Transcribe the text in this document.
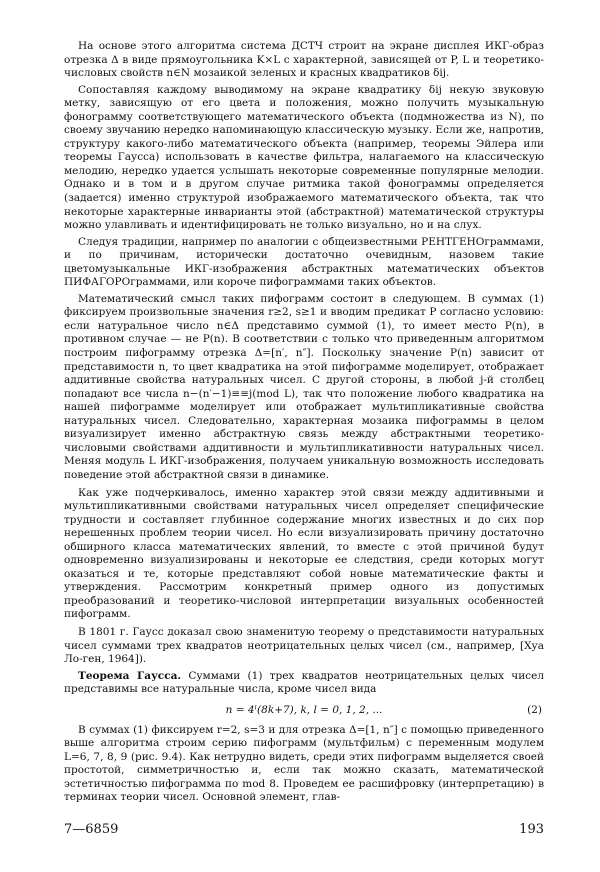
На основе этого алгоритма система ДСТЧ строит на экране дисплея ИКГ-образ отрезка Δ в виде прямоугольника K×L с характерной, зависящей от P, L и теоретико-числовых свойств n∈N мозаикой зеленых и красных квадратиков δij.

Сопоставляя каждому выводимому на экране квадратику δij некую звуковую метку, зависящую от его цвета и положения, можно получить музыкальную фонограмму соответствующего математического объекта (подмножества из N), по своему звучанию нередко напоминающую классическую музыку. Если же, напротив, структуру какого-либо математического объекта (например, теоремы Эйлера или теоремы Гаусса) использовать в качестве фильтра, налагаемого на классическую мелодию, нередко удается услышать некоторые современные популярные мелодии. Однако и в том и в другом случае ритмика такой фонограммы определяется (задается) именно структурой изображаемого математического объекта, так что некоторые характерные инварианты этой (абстрактной) математической структуры можно улавливать и идентифицировать не только визуально, но и на слух.

Следуя традиции, например по аналогии с общеизвестными РЕНТГЕНОграммами, и по причинам, исторически достаточно очевидным, назовем такие цветомузыкальные ИКГ-изображения абстрактных математических объектов ПИФАГОРОграммами, или короче пифограммами таких объектов.

Математический смысл таких пифограмм состоит в следующем. В суммах (1) фиксируем произвольные значения r≥2, s≥1 и вводим предикат P согласно условию: если натуральное число n∈Δ представимо суммой (1), то имеет место P(n), в противном случае — не P(n). В соответствии с только что приведенным алгоритмом построим пифограмму отрезка Δ=[n′, n″]. Поскольку значение P(n) зависит от представимости n, то цвет квадратика на этой пифограмме моделирует, отображает аддитивные свойства натуральных чисел. С другой стороны, в любой j-й столбец попадают все числа n−(n′−1)≡≡j(mod L), так что положение любого квадратика на нашей пифограмме моделирует или отображает мультипликативные свойства натуральных чисел. Следовательно, характерная мозаика пифограммы в целом визуализирует именно абстрактную связь между абстрактными теоретико-числовыми свойствами аддитивности и мультипликативности натуральных чисел. Меняя модуль L ИКГ-изображения, получаем уникальную возможность исследовать поведение этой абстрактной связи в динамике.

Как уже подчеркивалось, именно характер этой связи между аддитивными и мультипликативными свойствами натуральных чисел определяет специфические трудности и составляет глубинное содержание многих известных и до сих пор нерешенных проблем теории чисел. Но если визуализировать причину достаточно обширного класса математических явлений, то вместе с этой причиной будут одновременно визуализированы и некоторые ее следствия, среди которых могут оказаться и те, которые представляют собой новые математические факты и утверждения. Рассмотрим конкретный пример одного из допустимых преобразований и теоретико-числовой интерпретации визуальных особенностей пифограмм.

В 1801 г. Гаусс доказал свою знаменитую теорему о представимости натуральных чисел суммами трех квадратов неотрицательных целых чисел (см., например, [Хуа Ло-ген, 1964]).

Теорема Гаусса. Суммами (1) трех квадратов неотрицательных целых чисел представимы все натуральные числа, кроме чисел вида

n = 4ˡ(8k+7), k, l = 0, 1, 2, ...	(2)

В суммах (1) фиксируем r=2, s=3 и для отрезка Δ=[1, n″] с помощью приведенного выше алгоритма строим серию пифограмм (мультфильм) с переменным модулем L=6, 7, 8, 9 (рис. 9.4). Как нетрудно видеть, среди этих пифограмм выделяется своей простотой, симметричностью и, если так можно сказать, математической эстетичностью пифограмма по mod 8. Проведем ее расшифровку (интерпретацию) в терминах теории чисел. Основной элемент, глав-

7—6859	193
